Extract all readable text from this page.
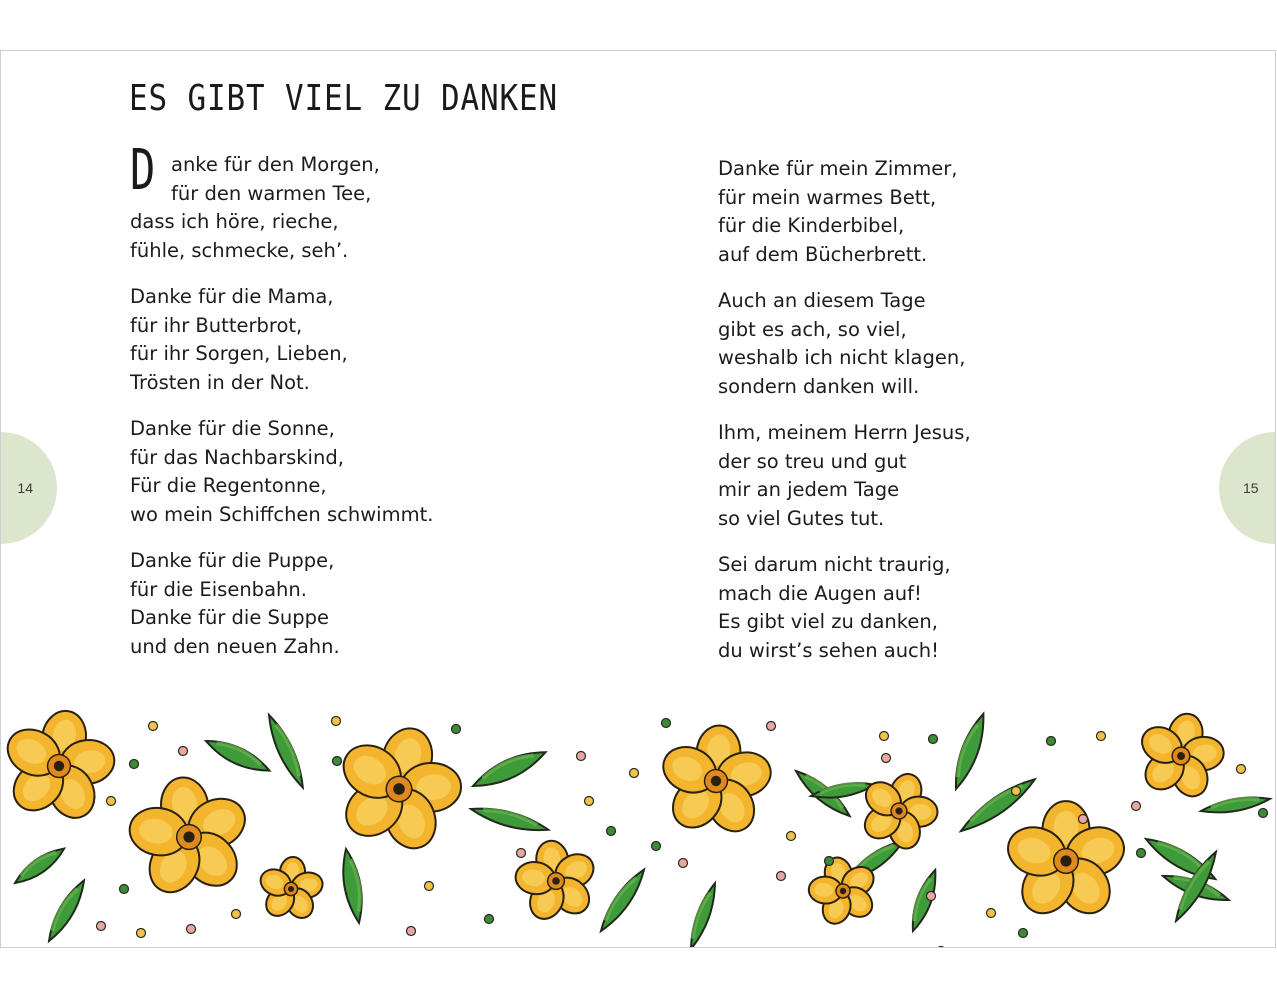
ES GIBT VIEL ZU DANKEN
D anke für den Morgen,
für den warmen Tee,
dass ich höre, rieche,
fühle, schmecke, seh’.
Danke für die Mama,
für ihr Butterbrot,
für ihr Sorgen, Lieben,
Trösten in der Not.
Danke für die Sonne,
für das Nachbarskind,
Für die Regentonne,
wo mein Schiffchen schwimmt.
Danke für die Puppe,
für die Eisenbahn.
Danke für die Suppe
und den neuen Zahn.
Danke für mein Zimmer,
für mein warmes Bett,
für die Kinderbibel,
auf dem Bücherbrett.
Auch an diesem Tage
gibt es ach, so viel,
weshalb ich nicht klagen,
sondern danken will.
Ihm, meinem Herrn Jesus,
der so treu und gut
mir an jedem Tage
so viel Gutes tut.
Sei darum nicht traurig,
mach die Augen auf!
Es gibt viel zu danken,
du wirst’s sehen auch!
14	15
